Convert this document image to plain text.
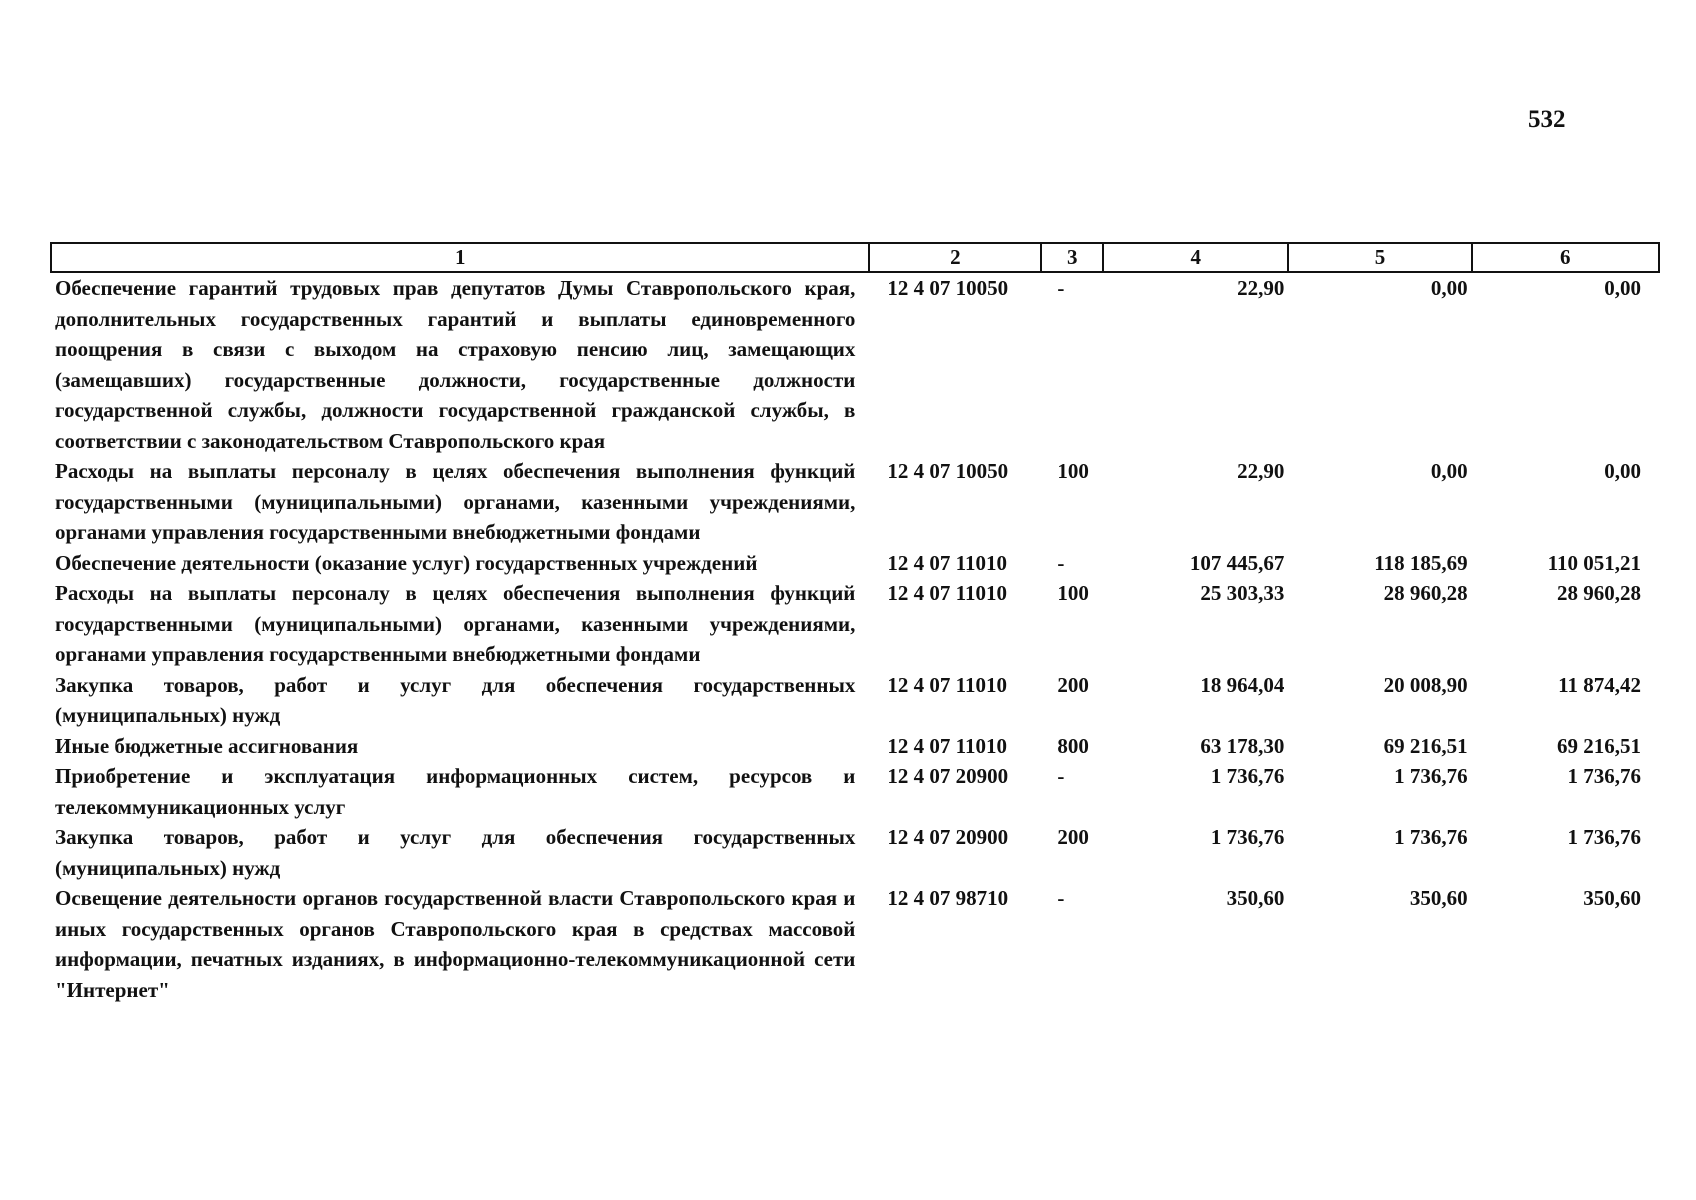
532
1	2	3	4	5	6
Обеспечение гарантий трудовых прав депутатов Думы Ставропольского края, дополнительных государственных гарантий и выплаты единовременного поощрения в связи с выходом на страховую пенсию лиц, замещающих (замещавших) государственные должности, государственные должности государственной службы, должности государственной гражданской службы, в соответствии с законодательством Ставропольского края	12 4 07 10050	-	22,90	0,00	0,00
Расходы на выплаты персоналу в целях обеспечения выполнения функций государственными (муниципальными) органами, казенными учреждениями, органами управления государственными внебюджетными фондами	12 4 07 10050	100	22,90	0,00	0,00
Обеспечение деятельности (оказание услуг) государственных учреждений	12 4 07 11010	-	107 445,67	118 185,69	110 051,21
Расходы на выплаты персоналу в целях обеспечения выполнения функций государственными (муниципальными) органами, казенными учреждениями, органами управления государственными внебюджетными фондами	12 4 07 11010	100	25 303,33	28 960,28	28 960,28
Закупка товаров, работ и услуг для обеспечения государственных (муниципальных) нужд	12 4 07 11010	200	18 964,04	20 008,90	11 874,42
Иные бюджетные ассигнования	12 4 07 11010	800	63 178,30	69 216,51	69 216,51
Приобретение и эксплуатация информационных систем, ресурсов и телекоммуникационных услуг	12 4 07 20900	-	1 736,76	1 736,76	1 736,76
Закупка товаров, работ и услуг для обеспечения государственных (муниципальных) нужд	12 4 07 20900	200	1 736,76	1 736,76	1 736,76
Освещение деятельности органов государственной власти Ставропольского края и иных государственных органов Ставропольского края в средствах массовой информации, печатных изданиях, в информационно-телекоммуникационной сети "Интернет"	12 4 07 98710	-	350,60	350,60	350,60
